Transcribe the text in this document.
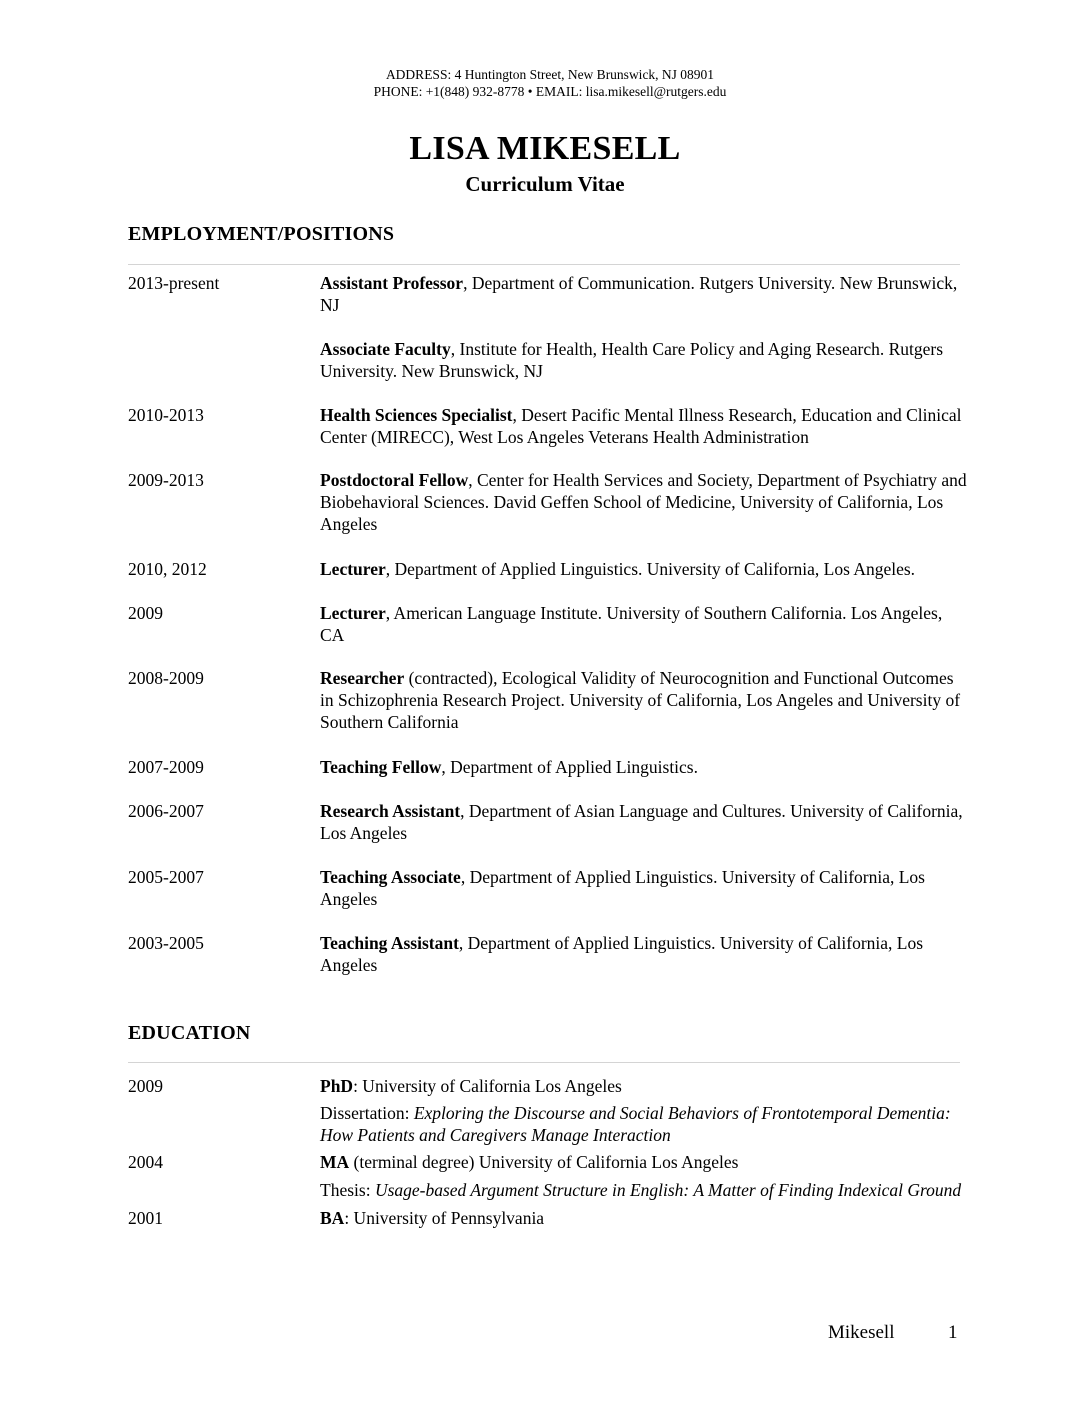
ADDRESS: 4 Huntington Street, New Brunswick, NJ 08901
PHONE: +1(848) 932-8778 • EMAIL: lisa.mikesell@rutgers.edu
LISA MIKESELL
Curriculum Vitae
EMPLOYMENT/POSITIONS
2013-present	Assistant Professor, Department of Communication. Rutgers University. New Brunswick, NJ
Associate Faculty, Institute for Health, Health Care Policy and Aging Research. Rutgers University. New Brunswick, NJ
2010-2013	Health Sciences Specialist, Desert Pacific Mental Illness Research, Education and Clinical Center (MIRECC), West Los Angeles Veterans Health Administration
2009-2013	Postdoctoral Fellow, Center for Health Services and Society, Department of Psychiatry and Biobehavioral Sciences. David Geffen School of Medicine, University of California, Los Angeles
2010, 2012	Lecturer, Department of Applied Linguistics. University of California, Los Angeles.
2009	Lecturer, American Language Institute. University of Southern California. Los Angeles, CA
2008-2009	Researcher (contracted), Ecological Validity of Neurocognition and Functional Outcomes in Schizophrenia Research Project. University of California, Los Angeles and University of Southern California
2007-2009	Teaching Fellow, Department of Applied Linguistics.
2006-2007	Research Assistant, Department of Asian Language and Cultures. University of California, Los Angeles
2005-2007	Teaching Associate, Department of Applied Linguistics. University of California, Los Angeles
2003-2005	Teaching Assistant, Department of Applied Linguistics. University of California, Los Angeles
EDUCATION
2009	PhD: University of California Los Angeles
Dissertation: Exploring the Discourse and Social Behaviors of Frontotemporal Dementia: How Patients and Caregivers Manage Interaction
2004	MA (terminal degree) University of California Los Angeles
Thesis: Usage-based Argument Structure in English: A Matter of Finding Indexical Ground
2001	BA: University of Pennsylvania
Mikesell	1
